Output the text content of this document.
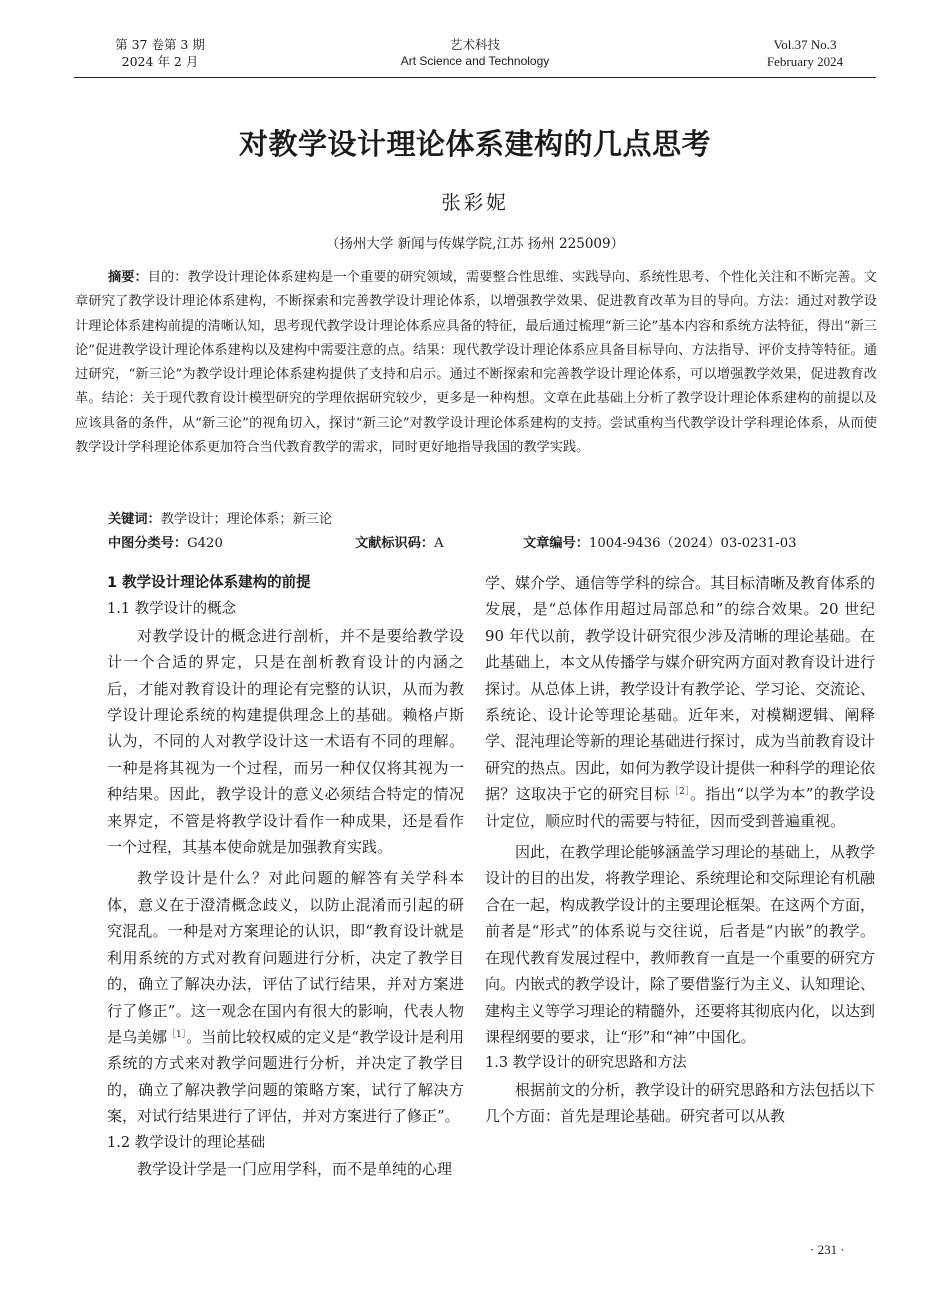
第 37 卷第 3 期
2024 年 2 月
艺术科技
Art Science and Technology
Vol.37 No.3
February 2024
对教学设计理论体系建构的几点思考
张彩妮
（扬州大学 新闻与传媒学院,江苏 扬州 225009）
摘要：目的：教学设计理论体系建构是一个重要的研究领域，需要整合性思维、实践导向、系统性思考、个性化关注和不断完善。文章研究了教学设计理论体系建构，不断探索和完善教学设计理论体系，以增强教学效果、促进教育改革为目的导向。方法：通过对教学设计理论体系建构前提的清晰认知，思考现代教学设计理论体系应具备的特征，最后通过梳理“新三论”基本内容和系统方法特征，得出“新三论”促进教学设计理论体系建构以及建构中需要注意的点。结果：现代教学设计理论体系应具备目标导向、方法指导、评价支持等特征。通过研究，“新三论”为教学设计理论体系建构提供了支持和启示。通过不断探索和完善教学设计理论体系，可以增强教学效果，促进教育改革。结论：关于现代教育设计模型研究的学理依据研究较少，更多是一种构想。文章在此基础上分析了教学设计理论体系建构的前提以及应该具备的条件，从“新三论”的视角切入，探讨“新三论”对教学设计理论体系建构的支持。尝试重构当代教学设计学科理论体系，从而使教学设计学科理论体系更加符合当代教育教学的需求，同时更好地指导我国的教学实践。
关键词：教学设计；理论体系；新三论
中图分类号：G420	文献标识码：A	文章编号：1004-9436（2024）03-0231-03
1 教学设计理论体系建构的前提
1.1 教学设计的概念

对教学设计的概念进行剖析，并不是要给教学设计一个合适的界定，只是在剖析教育设计的内涵之后，才能对教育设计的理论有完整的认识，从而为教学设计理论系统的构建提供理念上的基础。赖格卢斯认为，不同的人对教学设计这一术语有不同的理解。一种是将其视为一个过程，而另一种仅仅将其视为一种结果。因此，教学设计的意义必须结合特定的情况来界定，不管是将教学设计看作一种成果，还是看作一个过程，其基本使命就是加强教育实践。

教学设计是什么？对此问题的解答有关学科本体，意义在于澄清概念歧义，以防止混淆而引起的研究混乱。一种是对方案理论的认识，即“教育设计就是利用系统的方式对教育问题进行分析，决定了教学目的，确立了解决办法，评估了试行结果，并对方案进行了修正”。这一观念在国内有很大的影响，代表人物是乌美娜$^{[1]}$。当前比较权威的定义是“教学设计是利用系统的方式来对教学问题进行分析，并决定了教学目的，确立了解决教学问题的策略方案，试行了解决方案，对试行结果进行了评估，并对方案进行了修正”。

1.2 教学设计的理论基础

教学设计学是一门应用学科，而不是单纯的心理

学、媒介学、通信等学科的综合。其目标清晰及教育体系的发展，是“总体作用超过局部总和”的综合效果。20 世纪 90 年代以前，教学设计研究很少涉及清晰的理论基础。在此基础上，本文从传播学与媒介研究两方面对教育设计进行探讨。从总体上讲，教学设计有教学论、学习论、交流论、系统论、设计论等理论基础。近年来，对模糊逻辑、阐释学、混沌理论等新的理论基础进行探讨，成为当前教育设计研究的热点。因此，如何为教学设计提供一种科学的理论依据？这取决于它的研究目标$^{[2]}$。指出“以学为本”的教学设计定位，顺应时代的需要与特征，因而受到普遍重视。

因此，在教学理论能够涵盖学习理论的基础上，从教学设计的目的出发，将教学理论、系统理论和交际理论有机融合在一起，构成教学设计的主要理论框架。在这两个方面，前者是“形式”的体系说与交往说，后者是“内嵌”的教学。在现代教育发展过程中，教师教育一直是一个重要的研究方向。内嵌式的教学设计，除了要借鉴行为主义、认知理论、建构主义等学习理论的精髓外，还要将其彻底内化，以达到课程纲要的要求，让“形”和“神”中国化。

1.3 教学设计的研究思路和方法

根据前文的分析，教学设计的研究思路和方法包括以下几个方面：首先是理论基础。研究者可以从教

· 231 ·
